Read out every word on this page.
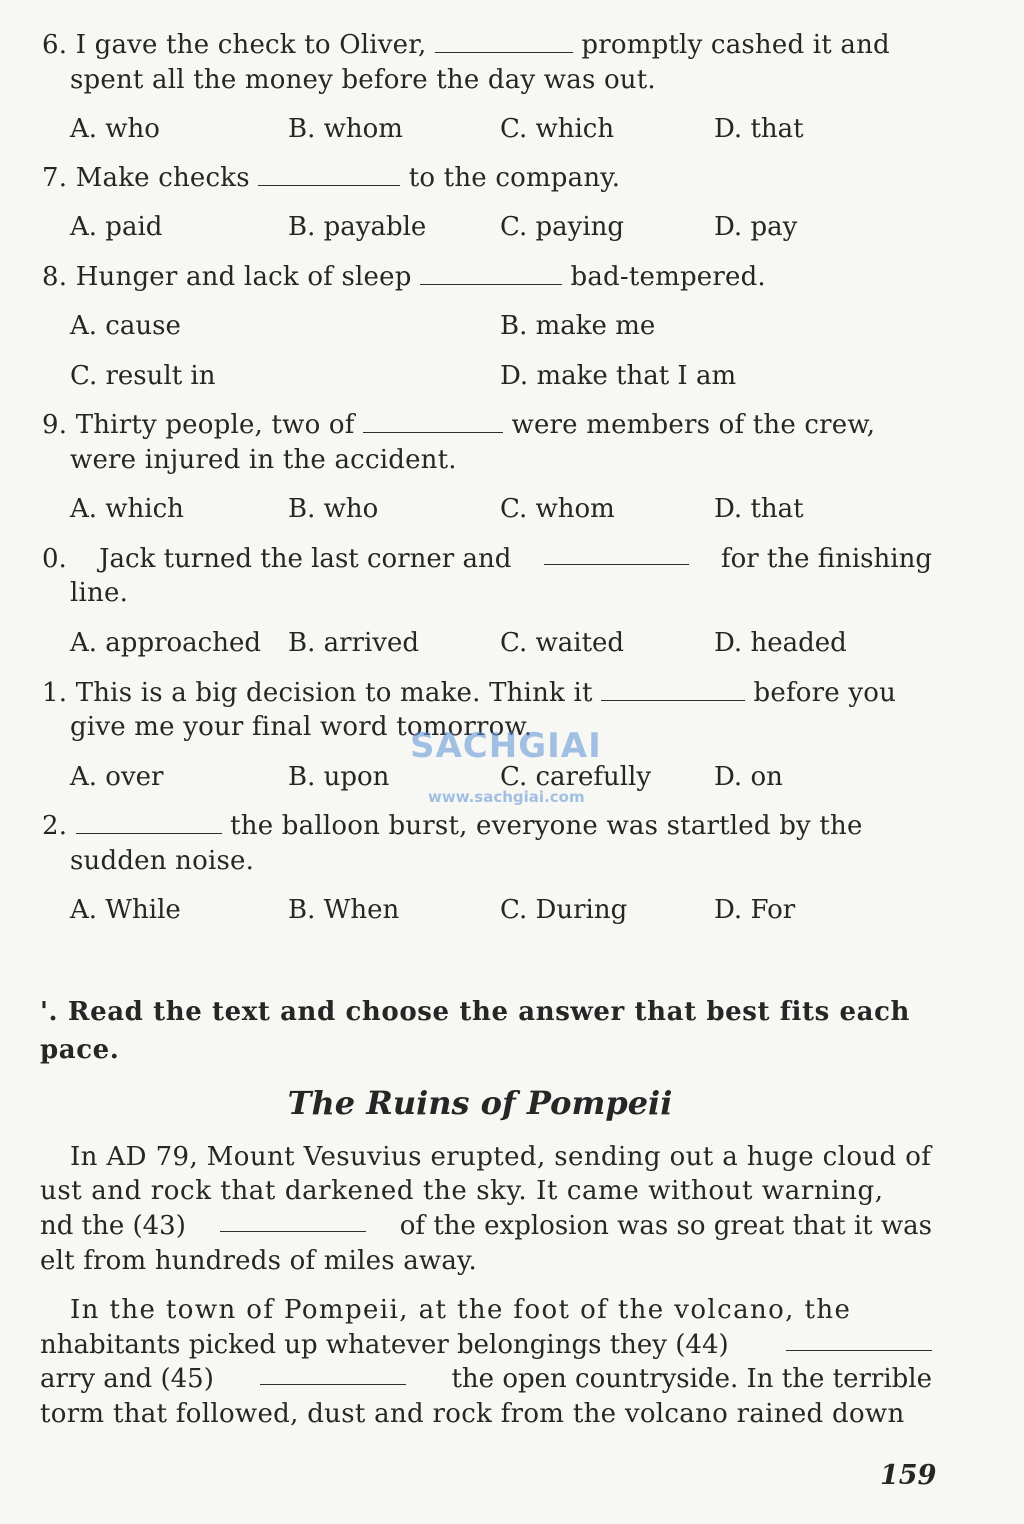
6. I gave the check to Oliver,	promptly cashed it and
spent all the money before the day was out.
A. who	B. whom	C. which	D. that
7. Make checks	to the company.
A. paid	B. payable	C. paying	D. pay
8. Hunger and lack of sleep	bad-tempered.
A. cause	B. make me
C. result in	D. make that I am
9. Thirty people, two of	were members of the crew,
were injured in the accident.
A. which	B. who	C. whom	D. that
0. Jack turned the last corner and	for the finishing
line.
A. approached B. arrived	C. waited	D. headed
1. This is a big decision to make. Think it	before you
give me your final word tomorrow.
A. over	B. upon	C. carefully D. on
2.	the balloon burst, everyone was startled by the
sudden noise.
A. While	B. When	C. During	D. For
'. Read the text and choose the answer that best fits each
pace.
The Ruins of Pompeii
In AD 79, Mount Vesuvius erupted, sending out a huge cloud of
ust and rock that darkened the sky. It came without warning,
nd the (43)	of the explosion was so great that it was
elt from hundreds of miles away.
In the town of Pompeii, at the foot of the volcano, the
nhabitants picked up whatever belongings they (44)
arry and (45)	the open countryside. In the terrible
torm that followed, dust and rock from the volcano rained down
SACHGIAI
www.sachgiai.com
159
